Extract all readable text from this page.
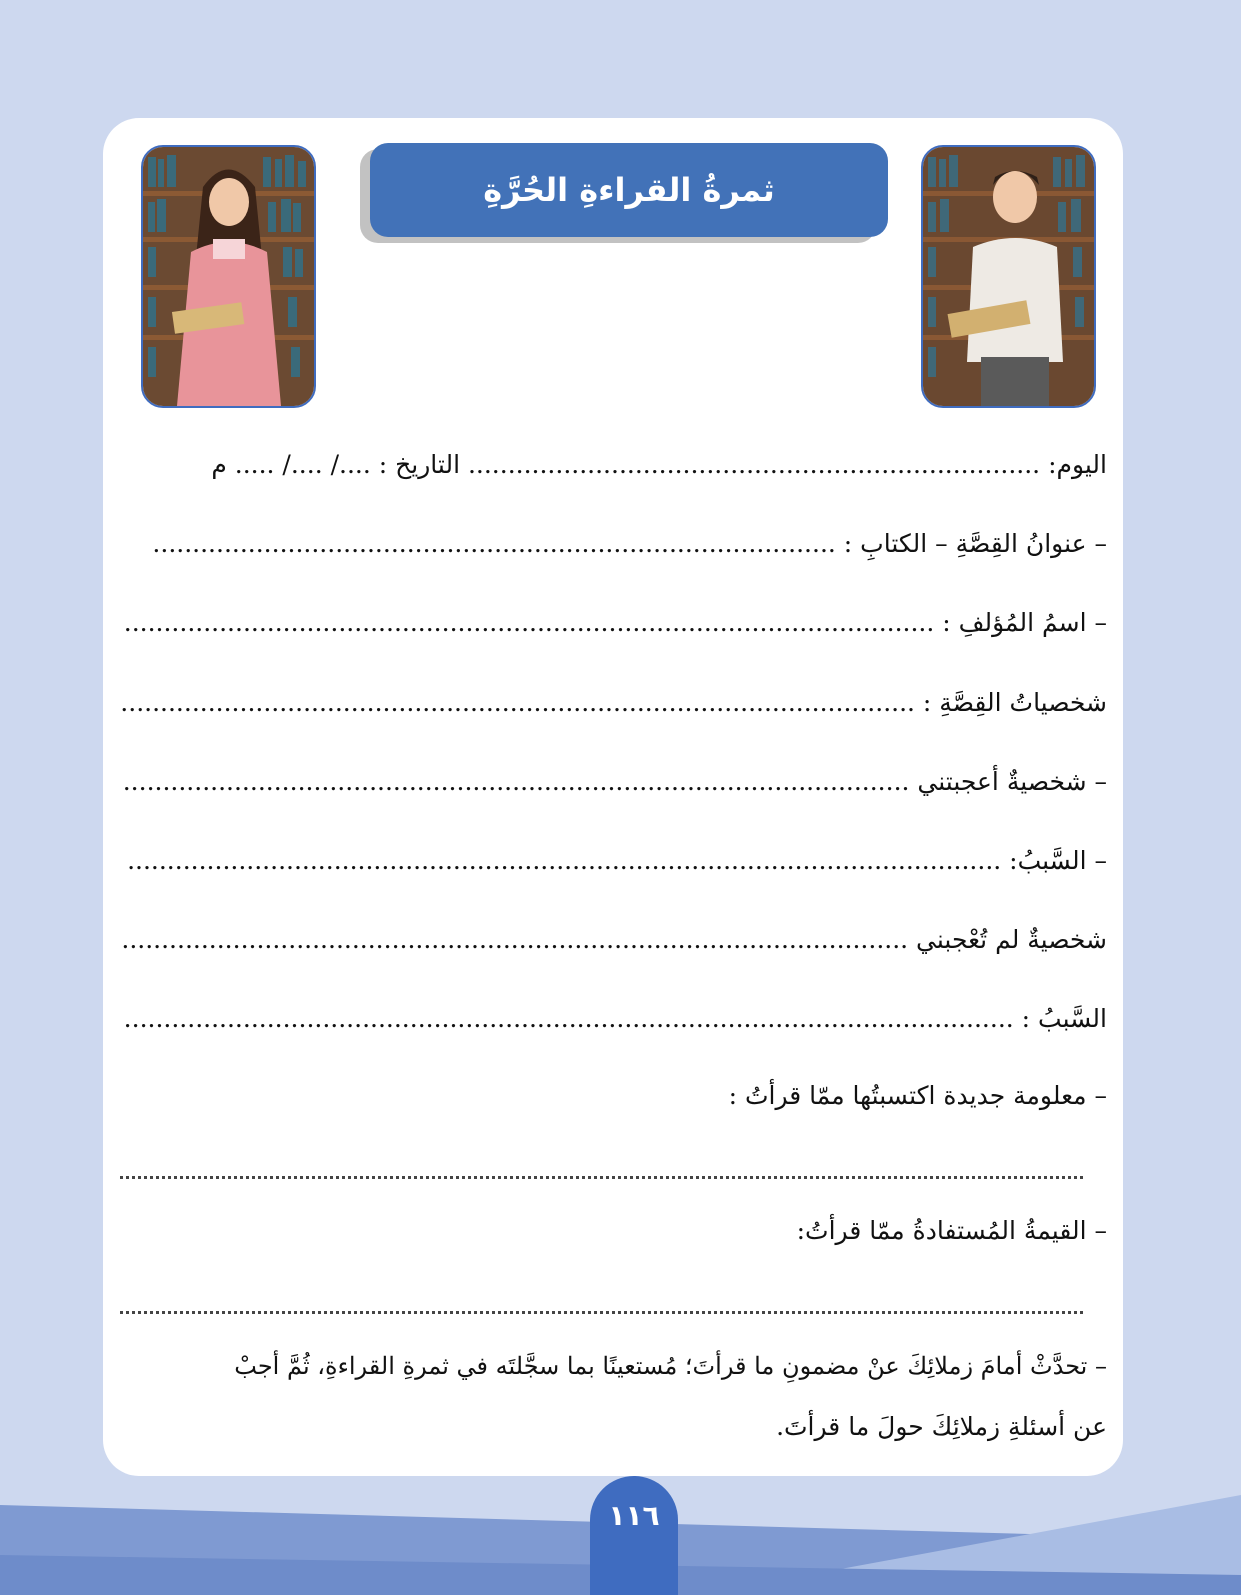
ثمرةُ القراءةِ الحُرَّةِ
اليوم: ........................................................................ التاريخ : ..../ ..../ ..... م
– عنوانُ القِصَّةِ – الكتابِ : ......................................................................................
– اسمُ المُؤلفِ : ......................................................................................................
شخصياتُ القِصَّةِ : ....................................................................................................
– شخصيةٌ أعجبتني ...................................................................................................
– السَّببُ: ..............................................................................................................
شخصيةٌ لم تُعْجبني ...................................................................................................
السَّببُ : ................................................................................................................
– معلومة جديدة اكتسبتُها ممّا قرأتُ :
– القيمةُ المُستفادةُ ممّا قرأتُ:
– تحدَّثْ أمامَ زملائِكَ عنْ مضمونِ ما قرأتَ؛ مُستعينًا بما سجَّلتَه في ثمرةِ القراءةِ، ثُمَّ أجبْ
عن أسئلةِ زملائِكَ حولَ ما قرأتَ.
١١٦
